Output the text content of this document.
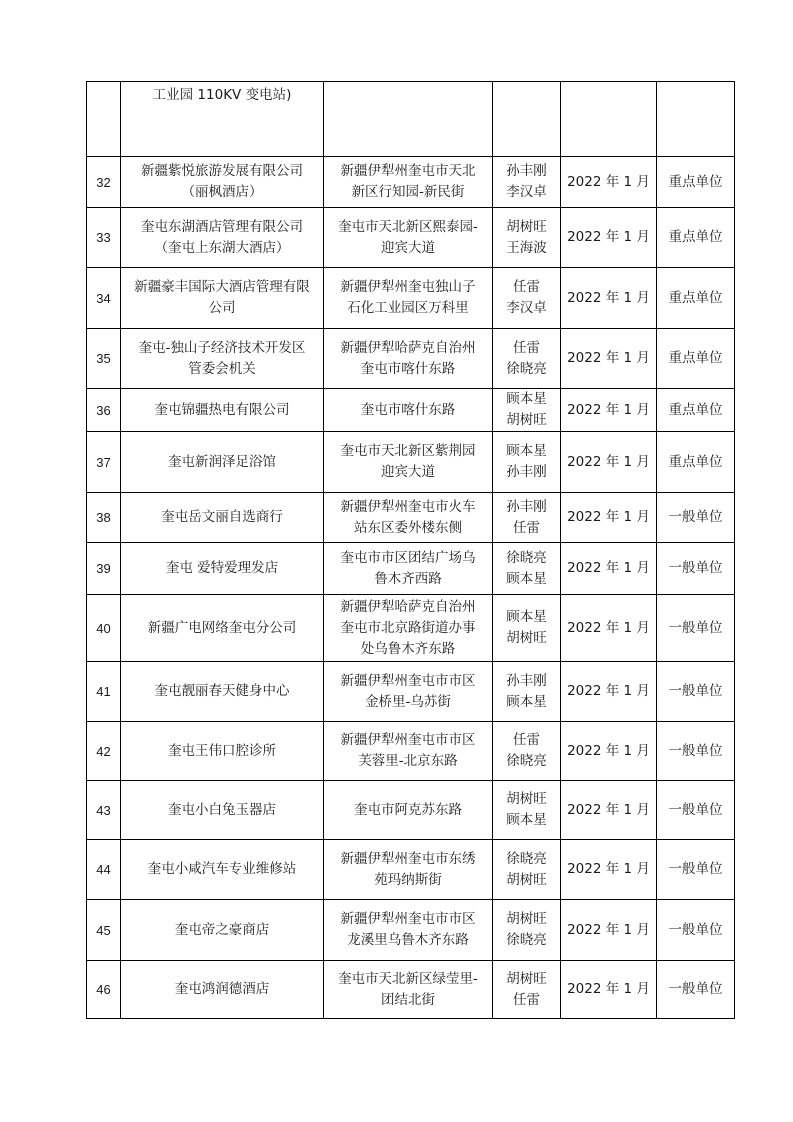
	工业园 110KV 变电站)				

32	新疆紫悦旅游发展有限公司
（丽枫酒店）	新疆伊犁州奎屯市天北
新区行知园-新民街	孙丰刚
李汉卓	2022 年 1 月	重点单位
33	奎屯东湖酒店管理有限公司
（奎屯上东湖大酒店）	奎屯市天北新区熙泰园-
迎宾大道	胡树旺
王海波	2022 年 1 月	重点单位
34	新疆豪丰国际大酒店管理有限
公司	新疆伊犁州奎屯独山子
石化工业园区万科里	任雷
李汉卓	2022 年 1 月	重点单位
35	奎屯-独山子经济技术开发区
管委会机关	新疆伊犁哈萨克自治州
奎屯市喀什东路	任雷
徐晓亮	2022 年 1 月	重点单位
36	奎屯锦疆热电有限公司	奎屯市喀什东路	顾本星
胡树旺	2022 年 1 月	重点单位
37	奎屯新润泽足浴馆	奎屯市天北新区紫荆园
迎宾大道	顾本星
孙丰刚	2022 年 1 月	重点单位
38	奎屯岳文丽自选商行	新疆伊犁州奎屯市火车
站东区委外楼东侧	孙丰刚
任雷	2022 年 1 月	一般单位
39	奎屯 爱特爱理发店	奎屯市市区团结广场乌
鲁木齐西路	徐晓亮
顾本星	2022 年 1 月	一般单位
40	新疆广电网络奎屯分公司	新疆伊犁哈萨克自治州
奎屯市北京路街道办事
处乌鲁木齐东路	顾本星
胡树旺	2022 年 1 月	一般单位
41	奎屯靓丽春天健身中心	新疆伊犁州奎屯市市区
金桥里-乌苏街	孙丰刚
顾本星	2022 年 1 月	一般单位
42	奎屯王伟口腔诊所	新疆伊犁州奎屯市市区
芙蓉里-北京东路	任雷
徐晓亮	2022 年 1 月	一般单位
43	奎屯小白兔玉器店	奎屯市阿克苏东路	胡树旺
顾本星	2022 年 1 月	一般单位
44	奎屯小咸汽车专业维修站	新疆伊犁州奎屯市东绣
苑玛纳斯街	徐晓亮
胡树旺	2022 年 1 月	一般单位
45	奎屯帝之豪商店	新疆伊犁州奎屯市市区
龙溪里乌鲁木齐东路	胡树旺
徐晓亮	2022 年 1 月	一般单位
46	奎屯鸿润德酒店	奎屯市天北新区绿莹里-
团结北街	胡树旺
任雷	2022 年 1 月	一般单位
